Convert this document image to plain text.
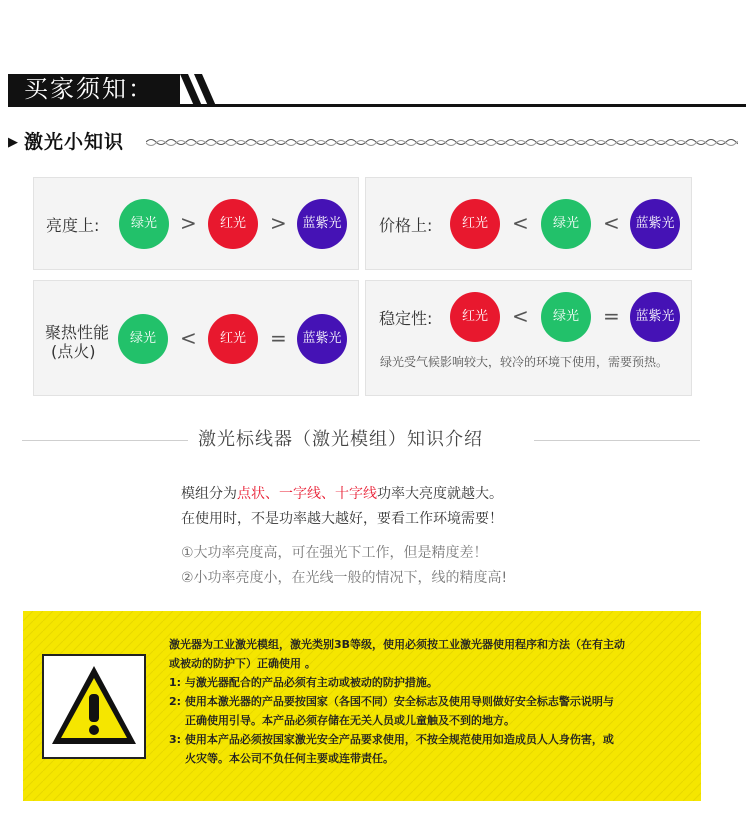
买家须知：
▶ 激光小知识
亮度上:	绿光	>	红光	>	蓝紫光	价格上:	红光	<	绿光	<	蓝紫光
聚热性能
(点火)
绿光	<	红光	=	蓝紫光
稳定性:	红光	<	绿光	=	蓝紫光
绿光受气候影响较大，较冷的环境下使用，需要预热。
激光标线器（激光模组）知识介绍
模组分为点状、一字线、十字线功率大亮度就越大。
在使用时，不是功率越大越好，要看工作环境需要！
①大功率亮度高，可在强光下工作，但是精度差！
②小功率亮度小，在光线一般的情况下，线的精度高!
激光器为工业激光模组，激光类别3B等级，使用必须按工业激光器使用程序和方法（在有主动
或被动的防护下）正确使用 。
1: 与激光器配合的产品必须有主动或被动的防护措施。
2: 使用本激光器的产品要按国家（各国不同）安全标志及使用导则做好安全标志警示说明与
正确使用引导。本产品必须存储在无关人员或儿童触及不到的地方。
3: 使用本产品必须按国家激光安全产品要求使用，不按全规范使用如造成员人人身伤害，或
火灾等。本公司不负任何主要或连带责任。
